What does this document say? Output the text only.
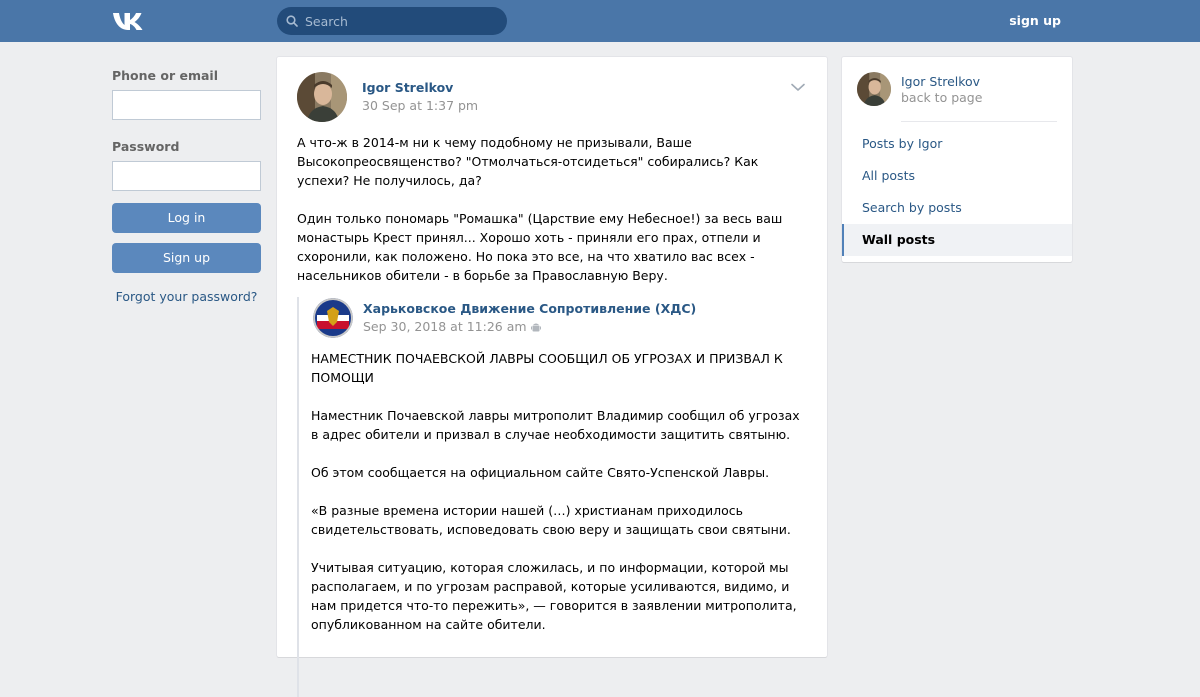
Search
sign up
Phone or email
Password
Log in
Sign up
Forgot your password?
Igor Strelkov
30 Sep at 1:37 pm

А что-ж в 2014-м ни к чему подобному не призывали, Ваше Высокопреосвященство? "Отмолчаться-отсидеться" собирались? Как успехи? Не получилось, да?

Один только пономарь "Ромашка" (Царствие ему Небесное!) за весь ваш монастырь Крест принял... Хорошо хоть - приняли его прах, отпели и схоронили, как положено. Но пока это все, на что хватило вас всех - насельников обители - в борьбе за Православную Веру.

Харьковское Движение Сопротивление (ХДС)
Sep 30, 2018 at 11:26 am

НАМЕСТНИК ПОЧАЕВСКОЙ ЛАВРЫ СООБЩИЛ ОБ УГРОЗАХ И ПРИЗВАЛ К ПОМОЩИ

Наместник Почаевской лавры митрополит Владимир сообщил об угрозах в адрес обители и призвал в случае необходимости защитить святыню.

Об этом сообщается на официальном сайте Свято-Успенской Лавры.

«В разные времена истории нашей (…) христианам приходилось свидетельствовать, исповедовать свою веру и защищать свои святыни.

Учитывая ситуацию, которая сложилась, и по информации, которой мы располагаем, и по угрозам расправой, которые усиливаются, видимо, и нам придется что-то пережить», — говорится в заявлении митрополита, опубликованном на сайте обители.

Igor Strelkov
back to page
Posts by Igor
All posts
Search by posts
Wall posts
